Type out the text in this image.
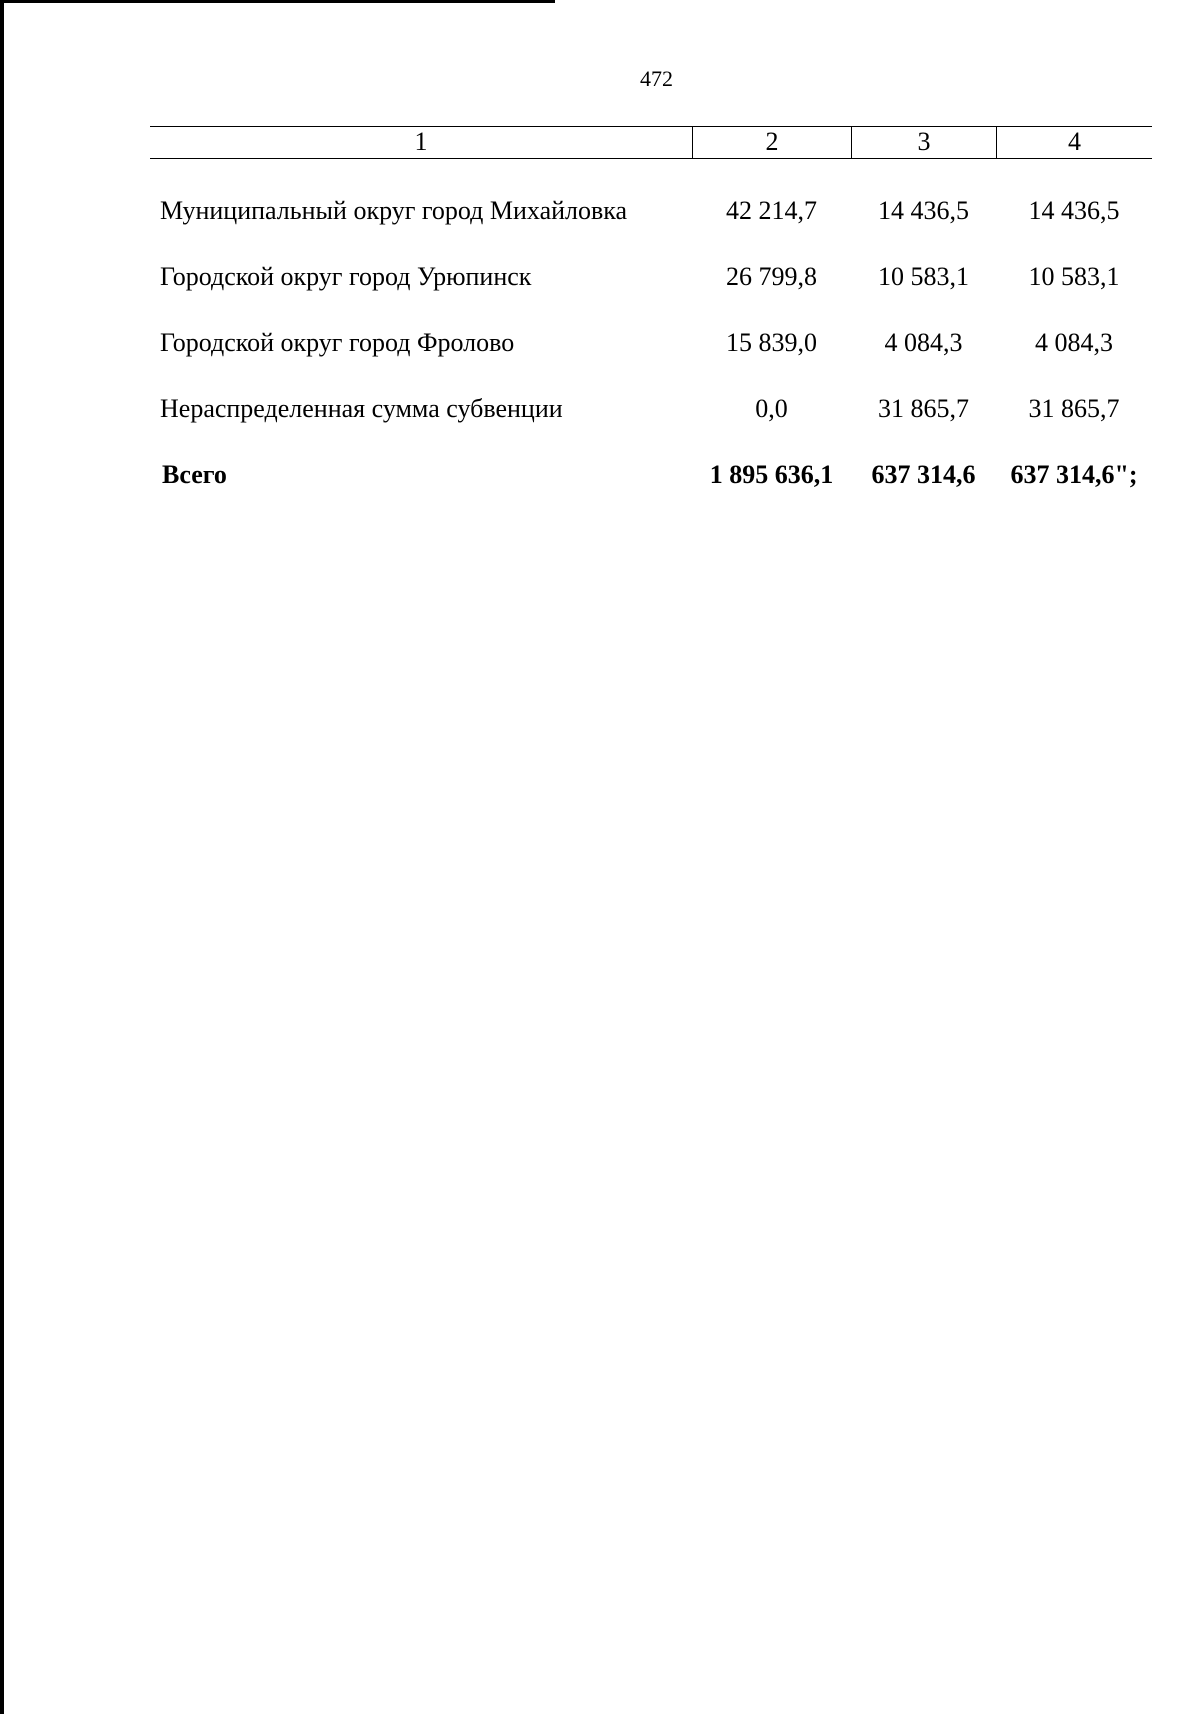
472
1	2	3	4
Муниципальный округ город Михайловка	42 214,7	14 436,5	14 436,5
Городской округ город Урюпинск	26 799,8	10 583,1	10 583,1
Городской округ город Фролово	15 839,0	4 084,3	4 084,3
Нераспределенная сумма субвенции	0,0	31 865,7	31 865,7
Всего	1 895 636,1	637 314,6	637 314,6";
